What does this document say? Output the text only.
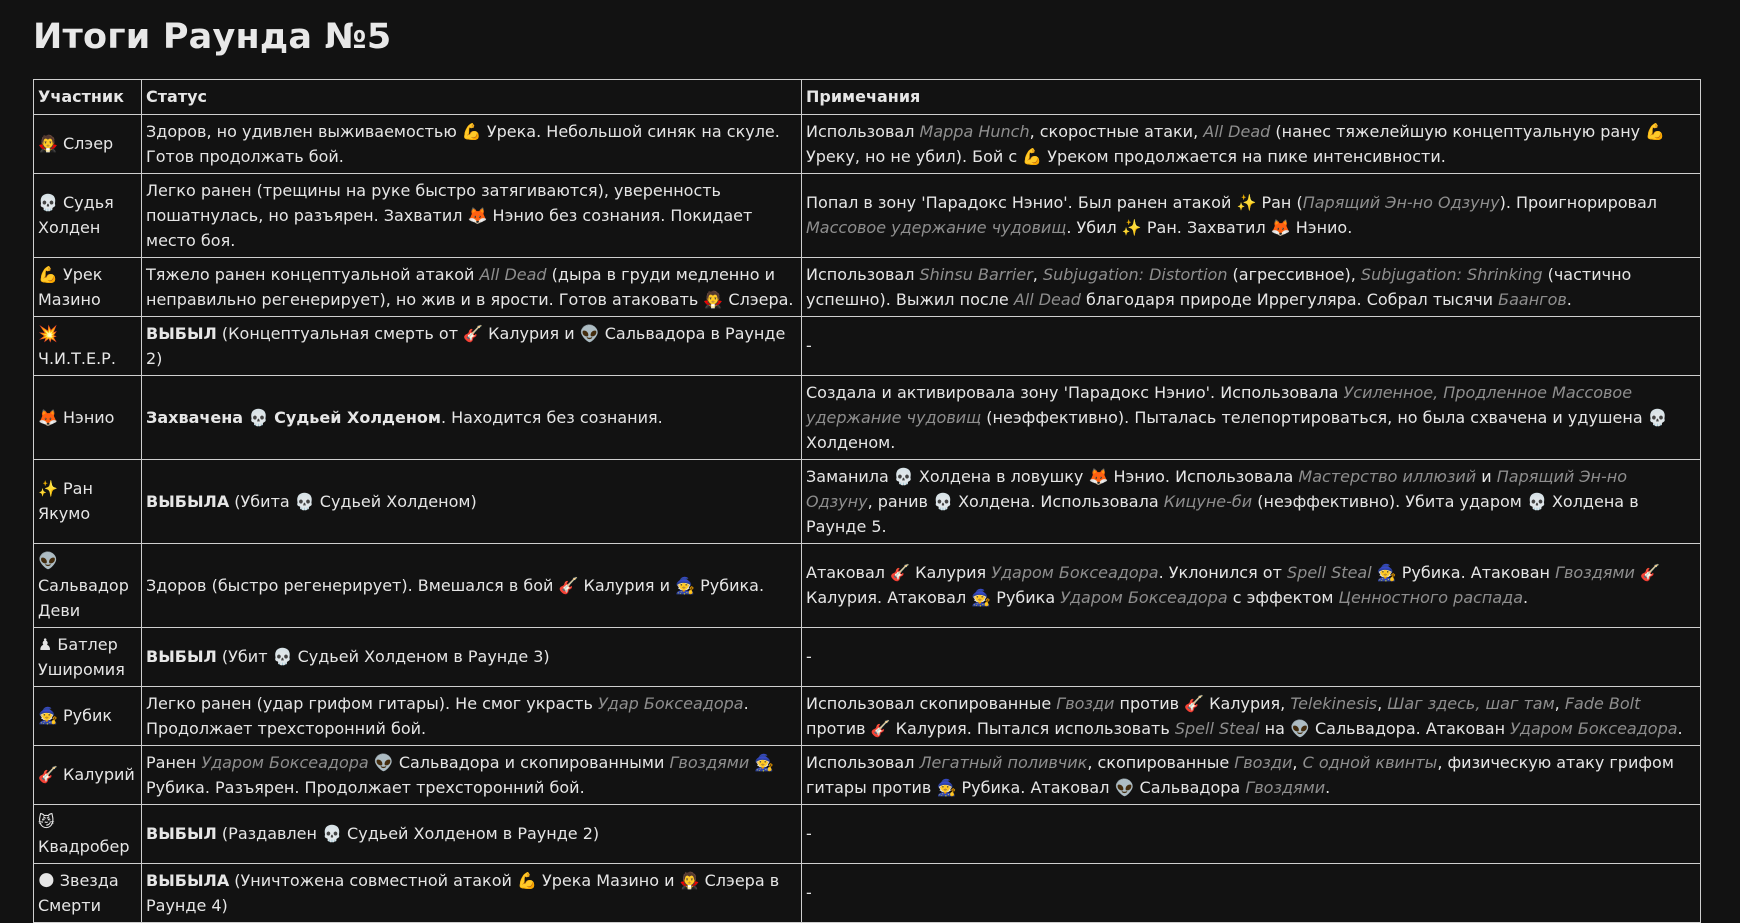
Итоги Раунда №5
Участник	Статус	Примечания
🧛 Слэер	Здоров, но удивлен выживаемостью 💪 Урека. Небольшой синяк на скуле. Готов продолжать бой.	Использовал Mappa Hunch, скоростные атаки, All Dead (нанес тяжелейшую концептуальную рану 💪 Уреку, но не убил). Бой с 💪 Уреком продолжается на пике интенсивности.
💀 Судья Холден	Легко ранен (трещины на руке быстро затягиваются), уверенность пошатнулась, но разъярен. Захватил 🦊 Нэнио без сознания. Покидает место боя.	Попал в зону 'Парадокс Нэнио'. Был ранен атакой ✨ Ран (Парящий Эн-но Одзуну). Проигнорировал Массовое удержание чудовищ. Убил ✨ Ран. Захватил 🦊 Нэнио.
💪 Урек Мазино	Тяжело ранен концептуальной атакой All Dead (дыра в груди медленно и неправильно регенерирует), но жив и в ярости. Готов атаковать 🧛 Слэера.	Использовал Shinsu Barrier, Subjugation: Distortion (агрессивное), Subjugation: Shrinking (частично успешно). Выжил после All Dead благодаря природе Иррегуляра. Собрал тысячи Баангов.
💥 Ч.И.Т.Е.Р.	ВЫБЫЛ (Концептуальная смерть от 🎸 Калурия и 👽 Сальвадора в Раунде 2)	-
🦊 Нэнио	Захвачена 💀 Судьей Холденом. Находится без сознания.	Создала и активировала зону 'Парадокс Нэнио'. Использовала Усиленное, Продленное Массовое удержание чудовищ (неэффективно). Пыталась телепортироваться, но была схвачена и удушена 💀 Холденом.
✨ Ран Якумо	ВЫБЫЛА (Убита 💀 Судьей Холденом)	Заманила 💀 Холдена в ловушку 🦊 Нэнио. Использовала Мастерство иллюзий и Парящий Эн-но Одзуну, ранив 💀 Холдена. Использовала Кицуне-би (неэффективно). Убита ударом 💀 Холдена в Раунде 5.
👽 Сальвадор Деви	Здоров (быстро регенерирует). Вмешался в бой 🎸 Калурия и 🧙 Рубика.	Атаковал 🎸 Калурия Ударом Боксеадора. Уклонился от Spell Steal 🧙 Рубика. Атакован Гвоздями 🎸 Калурия. Атаковал 🧙 Рубика Ударом Боксеадора с эффектом Ценностного распада.
♟ Батлер Уширомия	ВЫБЫЛ (Убит 💀 Судьей Холденом в Раунде 3)	-
🧙 Рубик	Легко ранен (удар грифом гитары). Не смог украсть Удар Боксеадора. Продолжает трехсторонний бой.	Использовал скопированные Гвозди против 🎸 Калурия, Telekinesis, Шаг здесь, шаг там, Fade Bolt против 🎸 Калурия. Пытался использовать Spell Steal на 👽 Сальвадора. Атакован Ударом Боксеадора.
🎸 Калурий	Ранен Ударом Боксеадора 👽 Сальвадора и скопированными Гвоздями 🧙 Рубика. Разъярен. Продолжает трехсторонний бой.	Использовал Легатный поливчик, скопированные Гвозди, С одной квинты, физическую атаку грифом гитары против 🧙 Рубика. Атаковал 👽 Сальвадора Гвоздями.
😼 Квадробер	ВЫБЫЛ (Раздавлен 💀 Судьей Холденом в Раунде 2)	-
🌑 Звезда Смерти	ВЫБЫЛА (Уничтожена совместной атакой 💪 Урека Мазино и 🧛 Слэера в Раунде 4)	-
